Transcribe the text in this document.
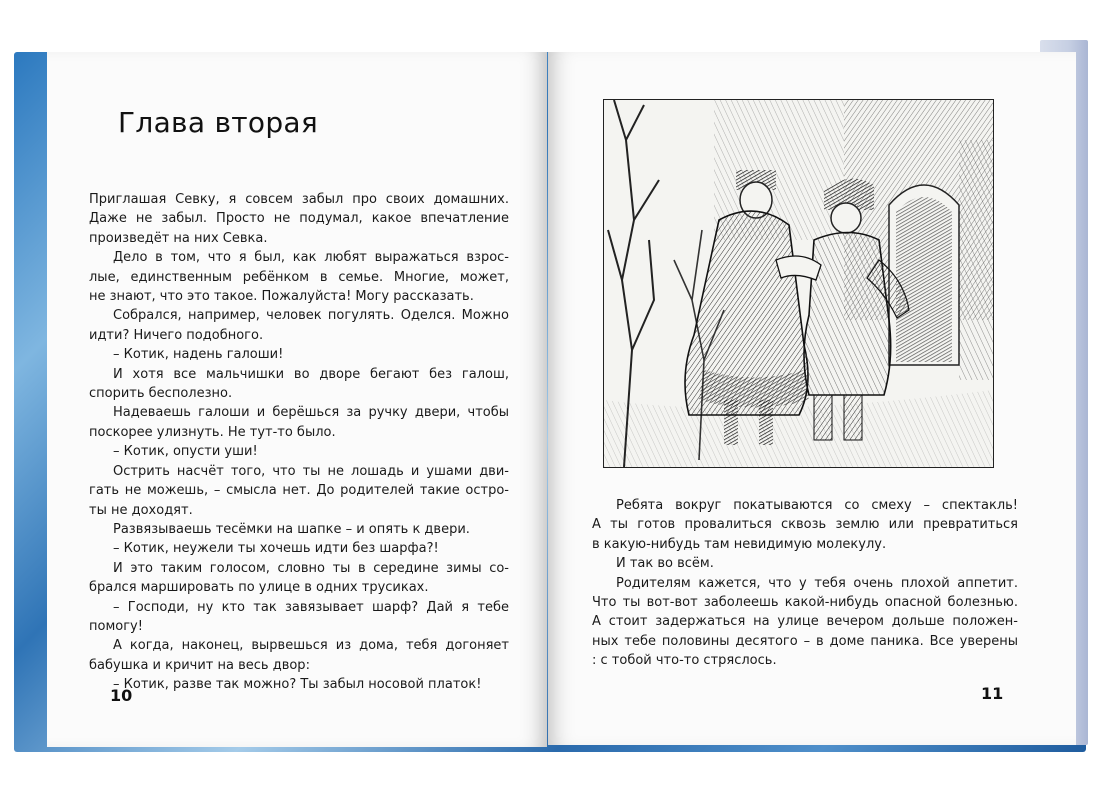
Глава вторая
Приглашая Севку, я совсем забыл про своих домашних.
Даже не забыл. Просто не подумал, какое впечатление
произведёт на них Севка.
Дело в том, что я был, как любят выражаться взрос-
лые, единственным ребёнком в семье. Многие, может,
не знают, что это такое. Пожалуйста! Могу рассказать.
Собрался, например, человек погулять. Оделся. Можно
идти? Ничего подобного.
– Котик, надень галоши!
И хотя все мальчишки во дворе бегают без галош,
спорить бесполезно.
Надеваешь галоши и берёшься за ручку двери, чтобы
поскорее улизнуть. Не тут-то было.
– Котик, опусти уши!
Острить насчёт того, что ты не лошадь и ушами дви-
гать не можешь, – смысла нет. До родителей такие остро-
ты не доходят.
Развязываешь тесёмки на шапке – и опять к двери.
– Котик, неужели ты хочешь идти без шарфа?!
И это таким голосом, словно ты в середине зимы со-
брался маршировать по улице в одних трусиках.
– Господи, ну кто так завязывает шарф? Дай я тебе
помогу!
А когда, наконец, вырвешься из дома, тебя догоняет
бабушка и кричит на весь двор:
– Котик, разве так можно? Ты забыл носовой платок!
Ребята вокруг покатываются со смеху – спектакль!
А ты готов провалиться сквозь землю или превратиться
в какую-нибудь там невидимую молекулу.
И так во всём.
Родителям кажется, что у тебя очень плохой аппетит.
Что ты вот-вот заболеешь какой-нибудь опасной болезнью.
А стоит задержаться на улице вечером дольше положен-
ных тебе половины десятого – в доме паника. Все уверены
: с тобой что-то стряслось.
10	11
